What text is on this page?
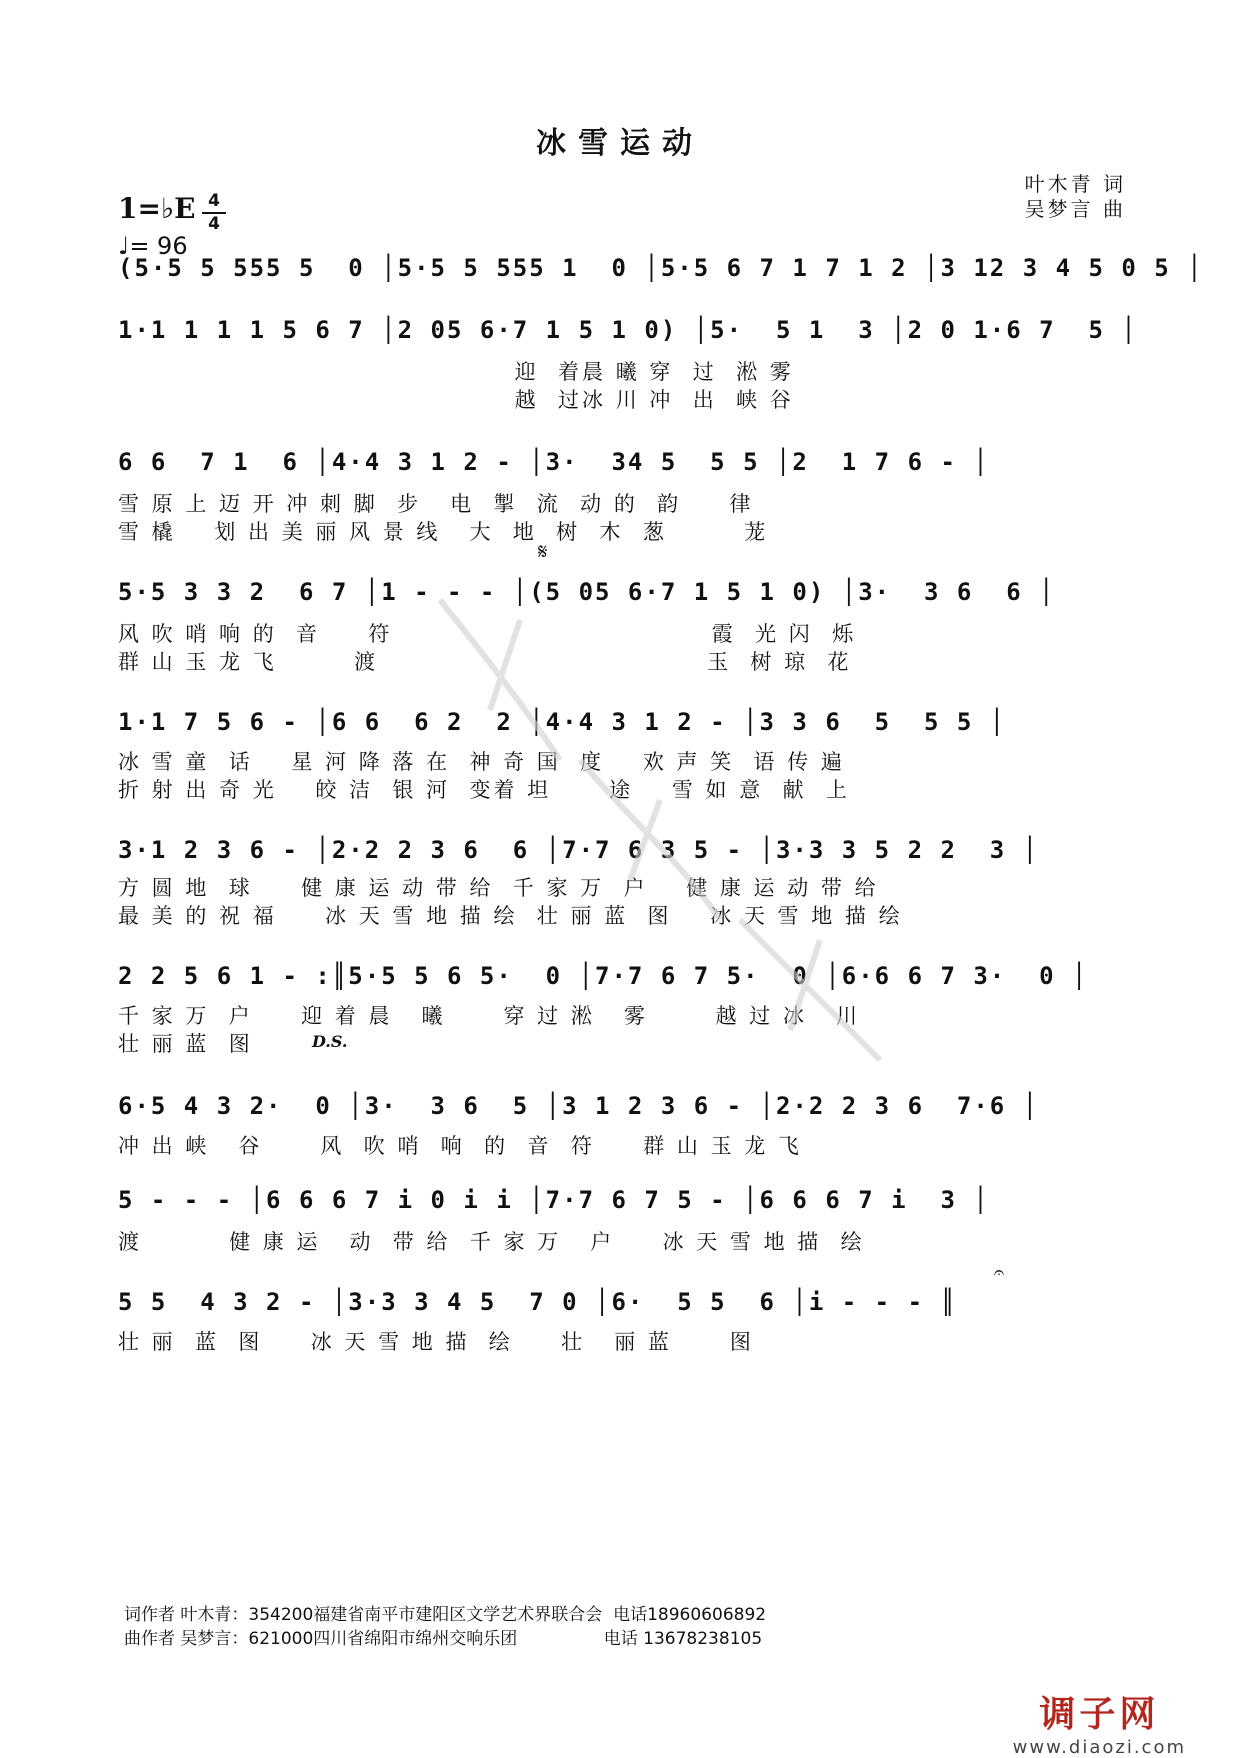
冰雪运动
1=♭E 4
4
♩= 96
叶木青 词
吴梦言 曲
(5·5 5 555 5  0 │5·5 5 555 1  0 │5·5 6 7 1 7 1 2 │3 12 3 4 5 0 5 │
1·1 1 1 1 5 6 7 │2 05 6·7 1 5 1 0) │5·  5 1  3 │2 0 1·6 7  5 │
迎  着晨 曦 穿  过  淞 雾
越  过冰 川 冲  出  峡 谷
6 6  7 1  6 │4·4 3 1 2 - │3·  34 5  5 5 │2  1 7 6 - │
雪 原 上 迈 开 冲 刺 脚  步   电  掣  流  动 的  韵     律
雪 橇    划 出 美 丽 风 景 线   大  地  树  木  葱        茏
𝄋
5·5 3 3 2  6 7 │1 - - - │(5 05 6·7 1 5 1 0) │3·  3 6  6 │
风 吹 哨 响 的  音     符                                 霞  光 闪  烁
群 山 玉 龙 飞        渡                                  玉  树 琼  花
1·1 7 5 6 - │6 6  6 2  2 │4·4 3 1 2 - │3 3 6  5  5 5 │
冰 雪 童  话    星 河 降 落 在  神 奇 国  度    欢 声 笑  语 传 遍
折 射 出 奇 光    皎 洁  银 河  变着 坦      途    雪 如 意  献  上
3·1 2 3 6 - │2·2 2 3 6  6 │7·7 6 3 5 - │3·3 3 5 2 2  3 │
方 圆 地  球     健 康 运 动 带 给  千 家 万  户    健 康 运 动 带 给
最 美 的 祝 福     冰 天 雪 地 描 绘  壮 丽 蓝  图    冰 天 雪 地 描 绘
2 2 5 6 1 - :║5·5 5 6 5·  0 │7·7 6 7 5·  0 │6·6 6 7 3·  0 │
千 家 万  户     迎 着 晨   曦      穿 过 淞   雾       越 过 冰   川
壮 丽 蓝  图	D.S.
6·5 4 3 2·  0 │3·  3 6  5 │3 1 2 3 6 - │2·2 2 3 6  7·6 │
冲 出 峡   谷      风  吹 哨  响  的  音  符     群 山 玉 龙 飞
5 - - - │6 6 6 7 i 0 i i │7·7 6 7 5 - │6 6 6 7 i  3 │
渡         健 康 运   动  带 给  千 家 万   户     冰 天 雪 地 描  绘
5 5  4 3 2 - │3·3 3 4 5  7 0 │6·  5 5  6 │i - - - ║
壮 丽  蓝  图     冰 天 雪 地 描  绘     壮   丽 蓝      图
𝄐
词作者 叶木青：354200福建省南平市建阳区文学艺术界联合会  电话18960606892
曲作者 吴梦言：621000四川省绵阳市绵州交响乐团                电话 13678238105
调子网
www.diaozi.com
